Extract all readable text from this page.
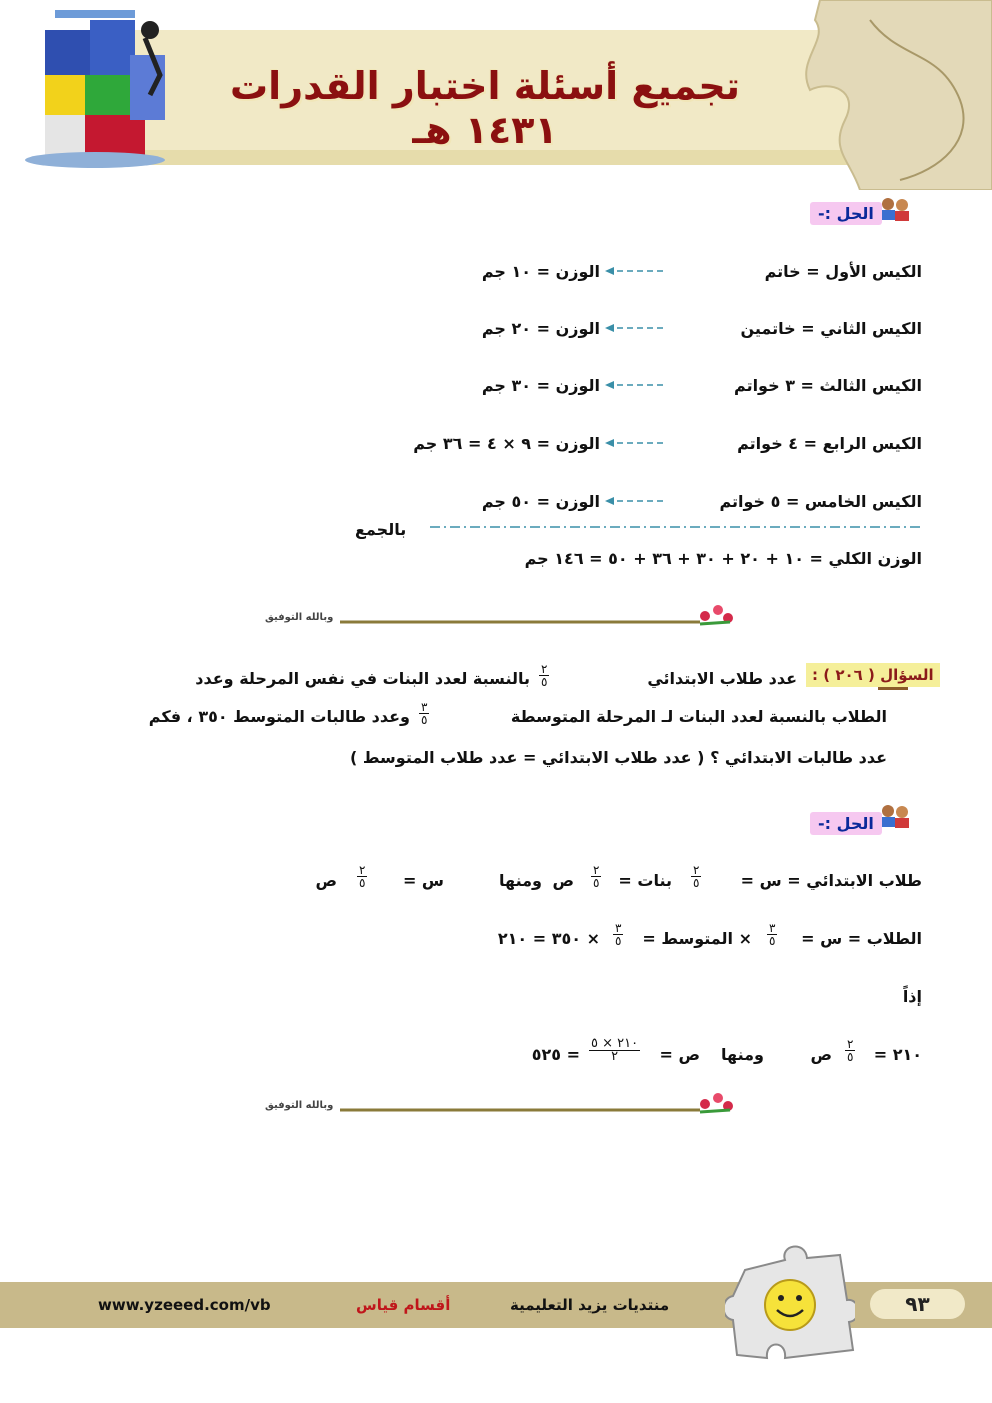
تجميع أسئلة اختبار القدرات ١٤٣١ هـ
الحل :-
الكيس الأول = خاتم
الوزن = ١٠ جم
الكيس الثاني = خاتمين
الوزن = ٢٠ جم
الكيس الثالث = ٣ خواتم
الوزن = ٣٠ جم
الكيس الرابع = ٤ خواتم
الوزن = ٩ × ٤ = ٣٦ جم
الكيس الخامس = ٥ خواتم
الوزن = ٥٠ جم
بالجمع
الوزن الكلي = ١٠ + ٢٠ + ٣٠ + ٣٦ + ٥٠ = ١٤٦ جم
وبالله التوفيق
السؤال ( ٢٠٦ ) :
عدد طلاب الابتدائي
٢
٥
بالنسبة لعدد البنات في نفس المرحلة وعدد
الطلاب بالنسبة لعدد البنات لـ المرحلة المتوسطة
٣
٥
وعدد طالبات المتوسط ٣٥٠ ، فكم
عدد طالبات الابتدائي ؟ ( عدد طلاب الابتدائي = عدد طلاب المتوسط )
الحل :-
طلاب الابتدائي = س =
٢
٥
بنات =
٢
٥
ص
ومنها
س =
٢
٥
ص
الطلاب = س =
٣
٥
× المتوسط =
٣
٥
× ٣٥٠ = ٢١٠
إذاً
٢١٠ =
٢
٥
ص
ومنها
ص =
٢١٠ × ٥
٢
= ٥٢٥
وبالله التوفيق
www.yzeeed.com/vb	أقسام قياس	منتديات يزيد التعليمية	٩٣
